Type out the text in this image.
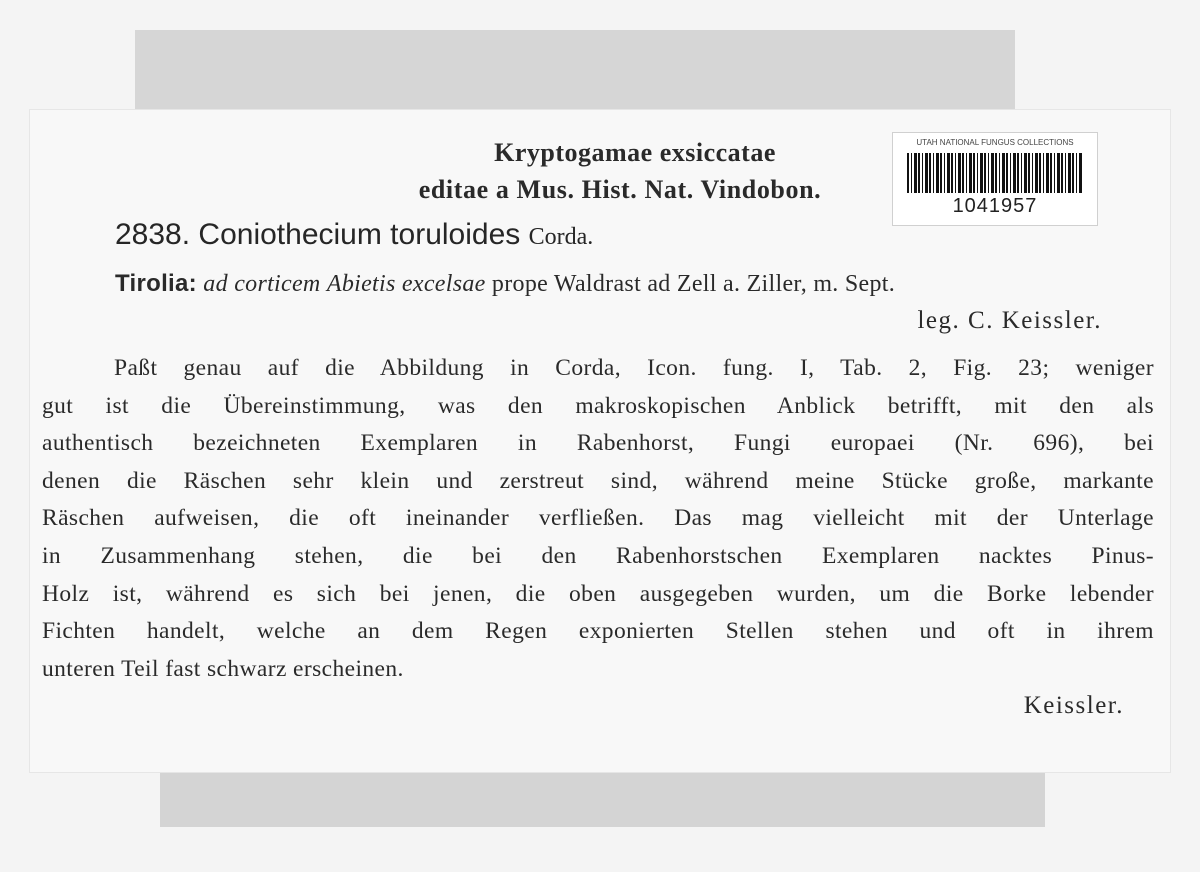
Kryptogamae exsiccatae
editae a Mus. Hist. Nat. Vindobon.
UTAH NATIONAL FUNGUS COLLECTIONS
1041957
2838. Coniothecium toruloides Corda.
Tirolia: ad corticem Abietis excelsae prope Waldrast ad Zell a. Ziller, m. Sept.
leg. C. Keissler.
Paßt genau auf die Abbildung in Corda, Icon. fung. I, Tab. 2, Fig. 23; weniger
gut ist die Übereinstimmung, was den makroskopischen Anblick betrifft, mit den als
authentisch bezeichneten Exemplaren in Rabenhorst, Fungi europaei (Nr. 696), bei
denen die Räschen sehr klein und zerstreut sind, während meine Stücke große, markante
Räschen aufweisen, die oft ineinander verfließen. Das mag vielleicht mit der Unterlage
in Zusammenhang stehen, die bei den Rabenhorstschen Exemplaren nacktes Pinus-
Holz ist, während es sich bei jenen, die oben ausgegeben wurden, um die Borke lebender
Fichten handelt, welche an dem Regen exponierten Stellen stehen und oft in ihrem
unteren Teil fast schwarz erscheinen.
Keissler.
